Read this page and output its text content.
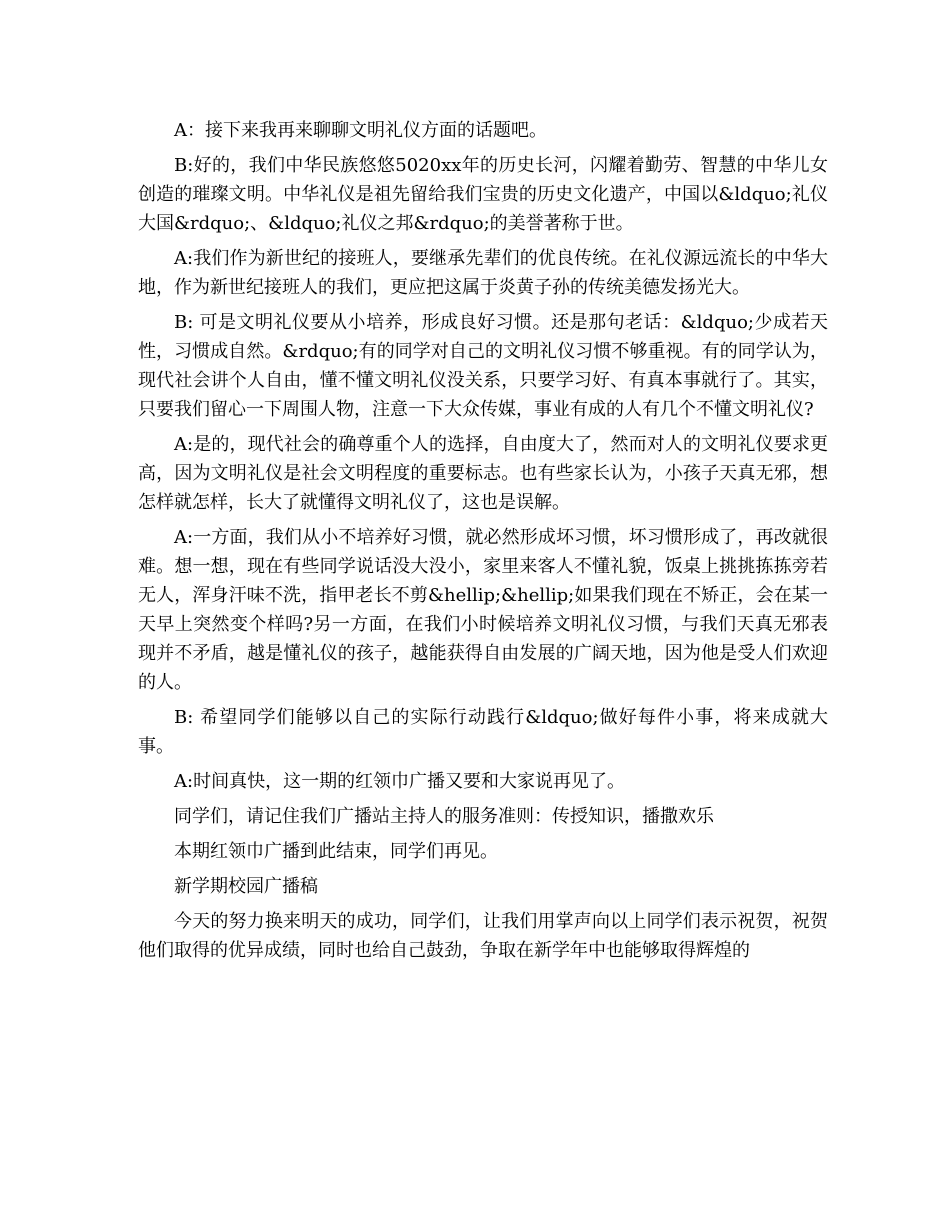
A：接下来我再来聊聊文明礼仪方面的话题吧。

B:好的，我们中华民族悠悠5020xx年的历史长河，闪耀着勤劳、智慧的中华儿女创造的璀璨文明。中华礼仪是祖先留给我们宝贵的历史文化遗产，中国以&ldquo;礼仪大国&rdquo;、&ldquo;礼仪之邦&rdquo;的美誉著称于世。

A:我们作为新世纪的接班人，要继承先辈们的优良传统。在礼仪源远流长的中华大地，作为新世纪接班人的我们，更应把这属于炎黄子孙的传统美德发扬光大。

B: 可是文明礼仪要从小培养，形成良好习惯。还是那句老话：&ldquo;少成若天性，习惯成自然。&rdquo;有的同学对自己的文明礼仪习惯不够重视。有的同学认为，现代社会讲个人自由，懂不懂文明礼仪没关系，只要学习好、有真本事就行了。其实，只要我们留心一下周围人物，注意一下大众传媒，事业有成的人有几个不懂文明礼仪?

A:是的，现代社会的确尊重个人的选择，自由度大了，然而对人的文明礼仪要求更高，因为文明礼仪是社会文明程度的重要标志。也有些家长认为，小孩子天真无邪，想怎样就怎样，长大了就懂得文明礼仪了，这也是误解。

A:一方面，我们从小不培养好习惯，就必然形成坏习惯，坏习惯形成了，再改就很难。想一想，现在有些同学说话没大没小，家里来客人不懂礼貌，饭桌上挑挑拣拣旁若无人，浑身汗味不洗，指甲老长不剪&hellip;&hellip;如果我们现在不矫正，会在某一天早上突然变个样吗?另一方面，在我们小时候培养文明礼仪习惯，与我们天真无邪表现并不矛盾，越是懂礼仪的孩子，越能获得自由发展的广阔天地，因为他是受人们欢迎的人。

B: 希望同学们能够以自己的实际行动践行&ldquo;做好每件小事，将来成就大事。

A:时间真快，这一期的红领巾广播又要和大家说再见了。

同学们，请记住我们广播站主持人的服务准则：传授知识，播撒欢乐

本期红领巾广播到此结束，同学们再见。

新学期校园广播稿

今天的努力换来明天的成功，同学们，让我们用掌声向以上同学们表示祝贺，祝贺他们取得的优异成绩，同时也给自己鼓劲，争取在新学年中也能够取得辉煌的
